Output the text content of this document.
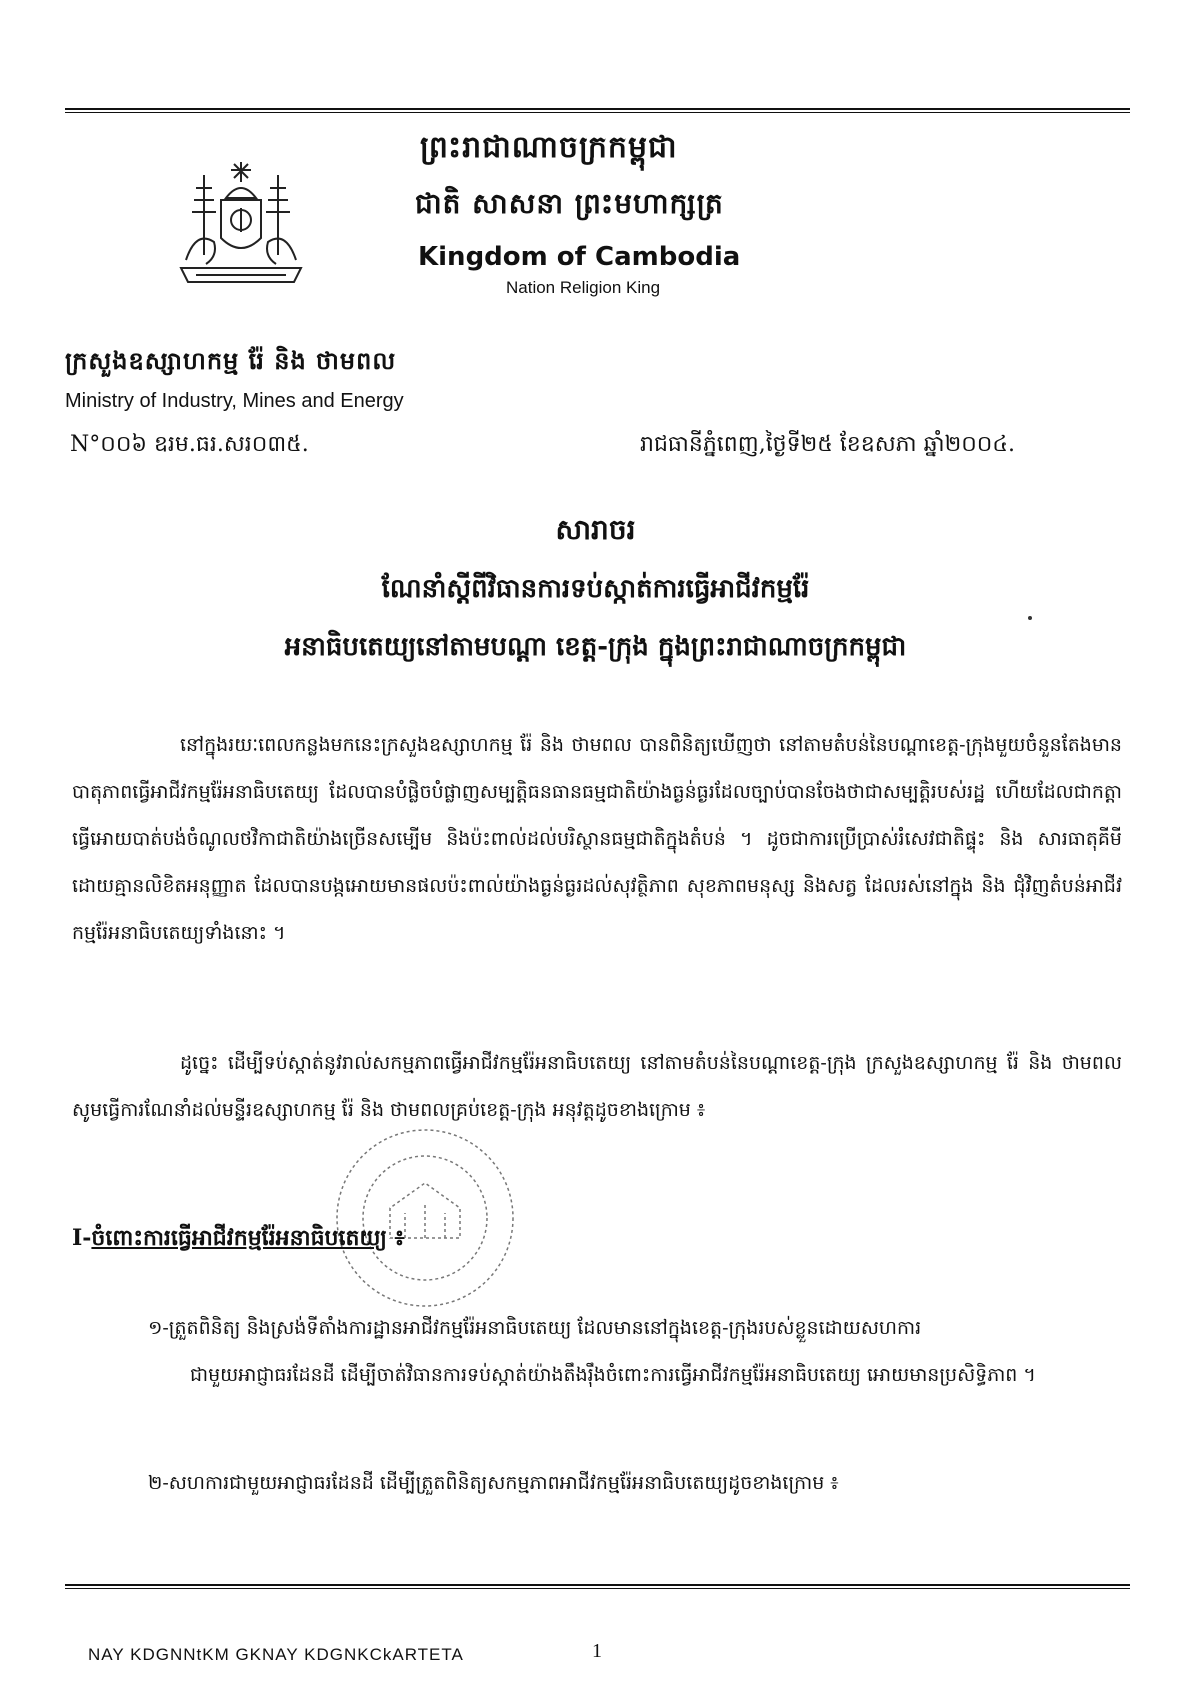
ព្រះរាជាណាចក្រកម្ពុជា
ជាតិ សាសនា ព្រះមហាក្សត្រ
Kingdom of Cambodia
Nation Religion King
ក្រសួងឧស្សាហកម្ម រ៉ែ និង ថាមពល
Ministry of Industry, Mines and Energy
N°០០៦ ឧរម.ធរ.សរ០៣៥.	រាជធានីភ្នំពេញ,ថ្ងៃទី២៥ ខែឧសភា ឆ្នាំ២០០៤.
សារាចរ
ណែនាំស្តីពីវិធានការទប់ស្កាត់ការធ្វើអាជីវកម្មរ៉ែ
អនាធិបតេយ្យនៅតាមបណ្តា ខេត្ត-ក្រុង ក្នុងព្រះរាជាណាចក្រកម្ពុជា
នៅក្នុងរយៈពេលកន្លងមកនេះក្រសួងឧស្សាហកម្ម រ៉ែ និង ថាមពល បានពិនិត្យឃើញថា នៅតាមតំបន់នៃបណ្តាខេត្ត-ក្រុងមួយចំនួនតែងមានបាតុភាពធ្វើអាជីវកម្មរ៉ែអនាធិបតេយ្យ ដែលបានបំផ្លិចបំផ្លាញសម្បត្តិធនធានធម្មជាតិយ៉ាងធ្ងន់ធ្ងរដែលច្បាប់បានចែងថាជាសម្បត្តិរបស់រដ្ឋ ហើយដែលជាកត្តាធ្វើអោយបាត់បង់ចំណូលថវិកាជាតិយ៉ាងច្រើនសម្បើម និងប៉ះពាល់ដល់បរិស្ថានធម្មជាតិក្នុងតំបន់ ។ ដូចជាការប្រើប្រាស់រំសេវជាតិផ្ទុះ និង សារធាតុគីមីដោយគ្មានលិខិតអនុញ្ញាត ដែលបានបង្កអោយមានផលប៉ះពាល់យ៉ាងធ្ងន់ធ្ងរដល់សុវត្ថិភាព សុខភាពមនុស្ស និងសត្វ ដែលរស់នៅក្នុង និង ជុំវិញតំបន់អាជីវកម្មរ៉ែអនាធិបតេយ្យទាំងនោះ ។
ដូច្នេះ ដើម្បីទប់ស្កាត់នូវរាល់សកម្មភាពធ្វើអាជីវកម្មរ៉ែអនាធិបតេយ្យ នៅតាមតំបន់នៃបណ្តាខេត្ត-ក្រុង ក្រសួងឧស្សាហកម្ម រ៉ែ និង ថាមពល សូមធ្វើការណែនាំដល់មន្ទីរឧស្សាហកម្ម រ៉ែ និង ថាមពលគ្រប់ខេត្ត-ក្រុង អនុវត្តដូចខាងក្រោម ៖
I-ចំពោះការធ្វើអាជីវកម្មរ៉ែអនាធិបតេយ្យ ៖
១-ត្រួតពិនិត្យ និងស្រង់ទីតាំងការដ្ឋានអាជីវកម្មរ៉ែអនាធិបតេយ្យ ដែលមាននៅក្នុងខេត្ត-ក្រុងរបស់ខ្លួនដោយសហការ
ជាមួយអាជ្ញាធរដែនដី ដើម្បីចាត់វិធានការទប់ស្កាត់យ៉ាងតឹងរ៉ឹងចំពោះការធ្វើអាជីវកម្មរ៉ែអនាធិបតេយ្យ អោយមានប្រសិទ្ធិភាព ។
២-សហការជាមួយអាជ្ញាធរដែនដី ដើម្បីត្រួតពិនិត្យសកម្មភាពអាជីវកម្មរ៉ែអនាធិបតេយ្យដូចខាងក្រោម ៖
NAY KDGNNtKM GKNAY KDGNKCkARTETA	1
